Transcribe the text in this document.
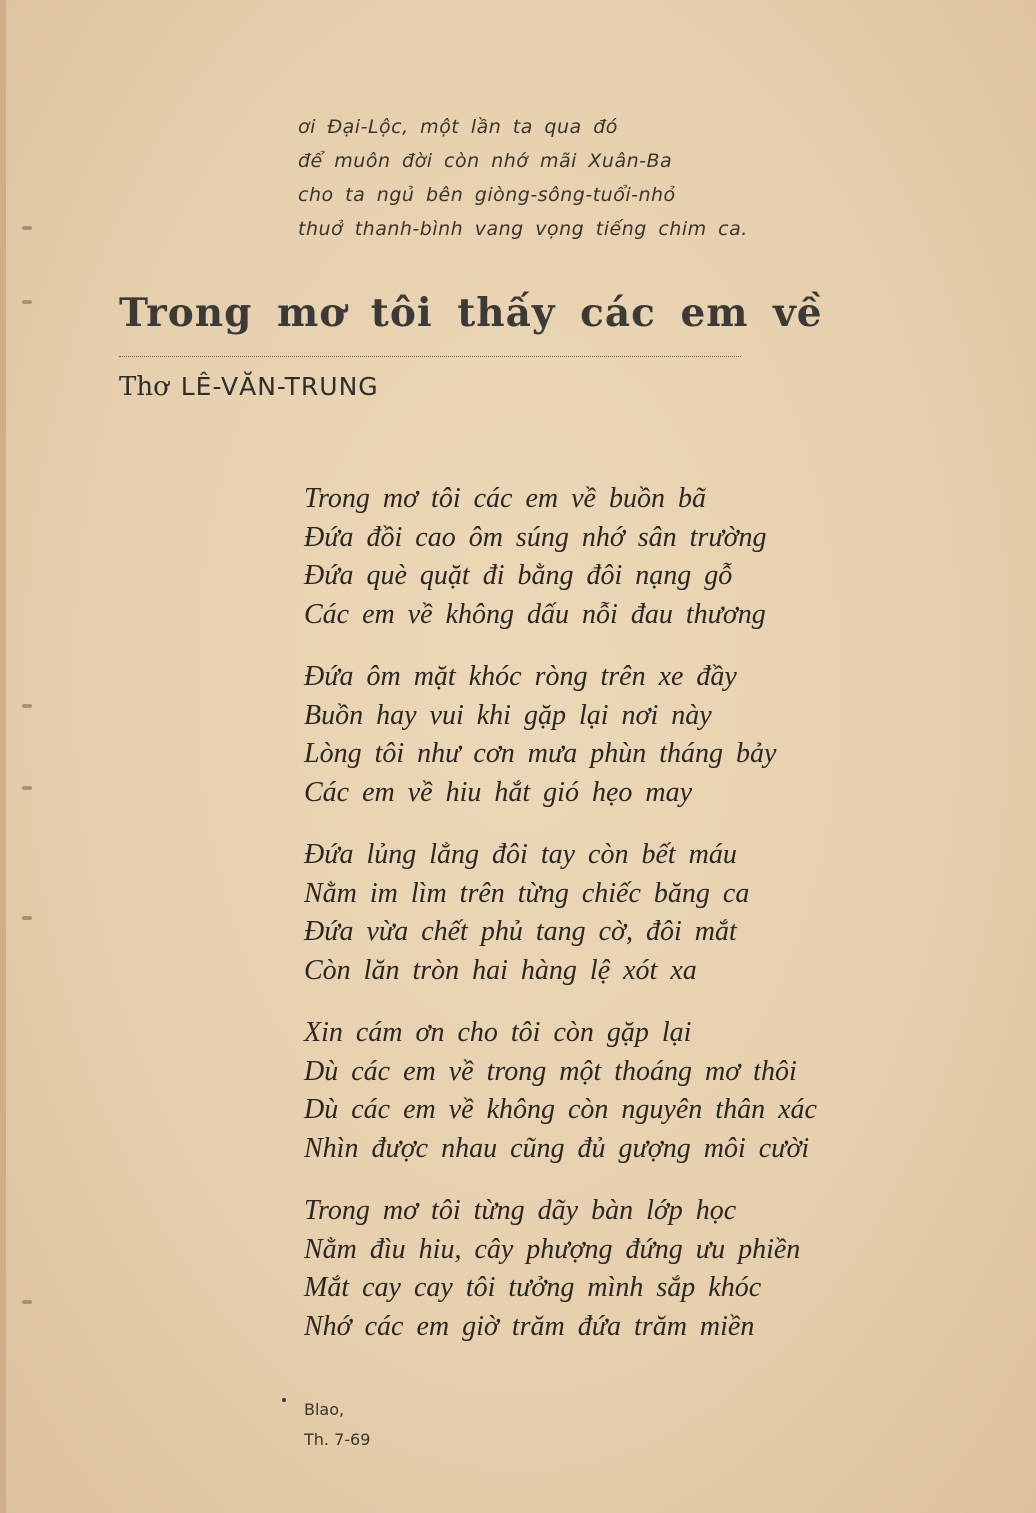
ơi Đại-Lộc, một lần ta qua đó
để muôn đời còn nhớ mãi Xuân-Ba
cho ta ngủ bên giòng-sông-tuổi-nhỏ
thuở thanh-bình vang vọng tiếng chim ca.
Trong mơ tôi thấy các em về
Thơ LÊ-VĂN-TRUNG
Trong mơ tôi các em về buồn bã
Đứa đồi cao ôm súng nhớ sân trường
Đứa què quặt đi bằng đôi nạng gỗ
Các em về không dấu nỗi đau thương
Đứa ôm mặt khóc ròng trên xe đầy
Buồn hay vui khi gặp lại nơi này
Lòng tôi như cơn mưa phùn tháng bảy
Các em về hiu hắt gió hẹo may
Đứa lủng lẳng đôi tay còn bết máu
Nằm im lìm trên từng chiếc băng ca
Đứa vừa chết phủ tang cờ, đôi mắt
Còn lăn tròn hai hàng lệ xót xa
Xin cám ơn cho tôi còn gặp lại
Dù các em về trong một thoáng mơ thôi
Dù các em về không còn nguyên thân xác
Nhìn được nhau cũng đủ gượng môi cười
Trong mơ tôi từng dãy bàn lớp học
Nằm đìu hiu, cây phượng đứng ưu phiền
Mắt cay cay tôi tưởng mình sắp khóc
Nhớ các em giờ trăm đứa trăm miền
Blao,
Th. 7-69
